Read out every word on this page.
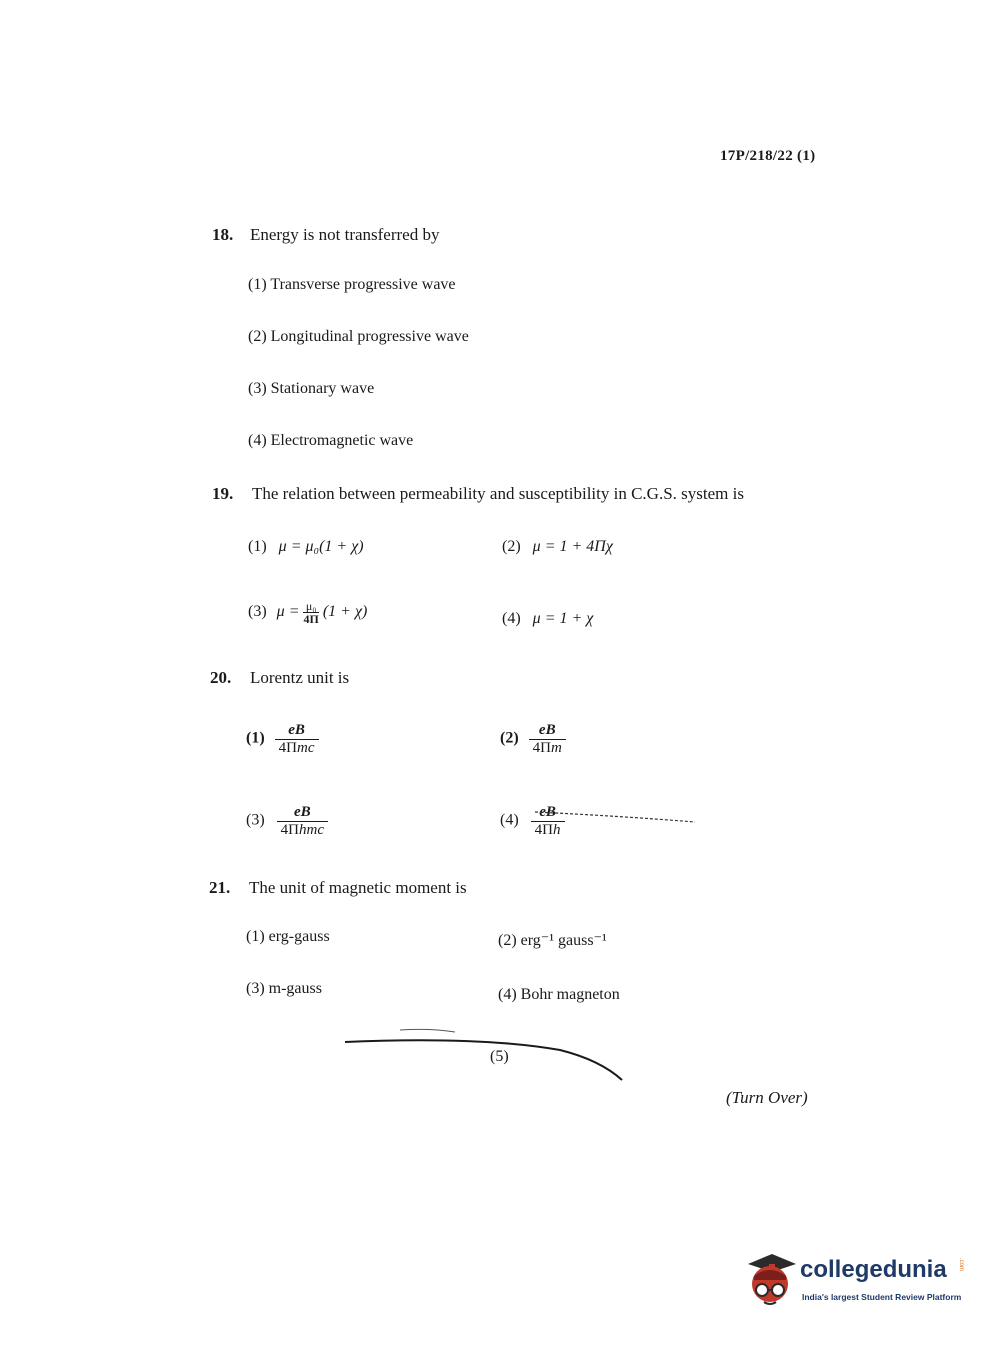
17P/218/22 (1)
18. Energy is not transferred by
(1) Transverse progressive wave
(2) Longitudinal progressive wave
(3) Stationary wave
(4) Electromagnetic wave
19. The relation between permeability and susceptibility in C.G.S. system is
(1) μ = μ₀(1 + χ)	(2) μ = 1 + 4Πχ
(3) $\mu = \frac{\text{μ₀}}{4\Pi} (1 + \chi)$	(4) μ = 1 + χ
20. Lorentz unit is
$(1) \frac{eB}{\text{4Πmc}}$	$(2) \frac{eB}{4\Pi m}$
$(3) \frac{eB}{\text{4Πhmc}}$	$(4) \frac{eB}{4\Pi h}$
21. The unit of magnetic moment is
(1) erg-gauss	(2) erg⁻¹ gauss⁻¹
(3) m-gauss	(4) Bohr magneton
(5)
(Turn Over)
collegedunia .com
India's largest Student Review Platform
